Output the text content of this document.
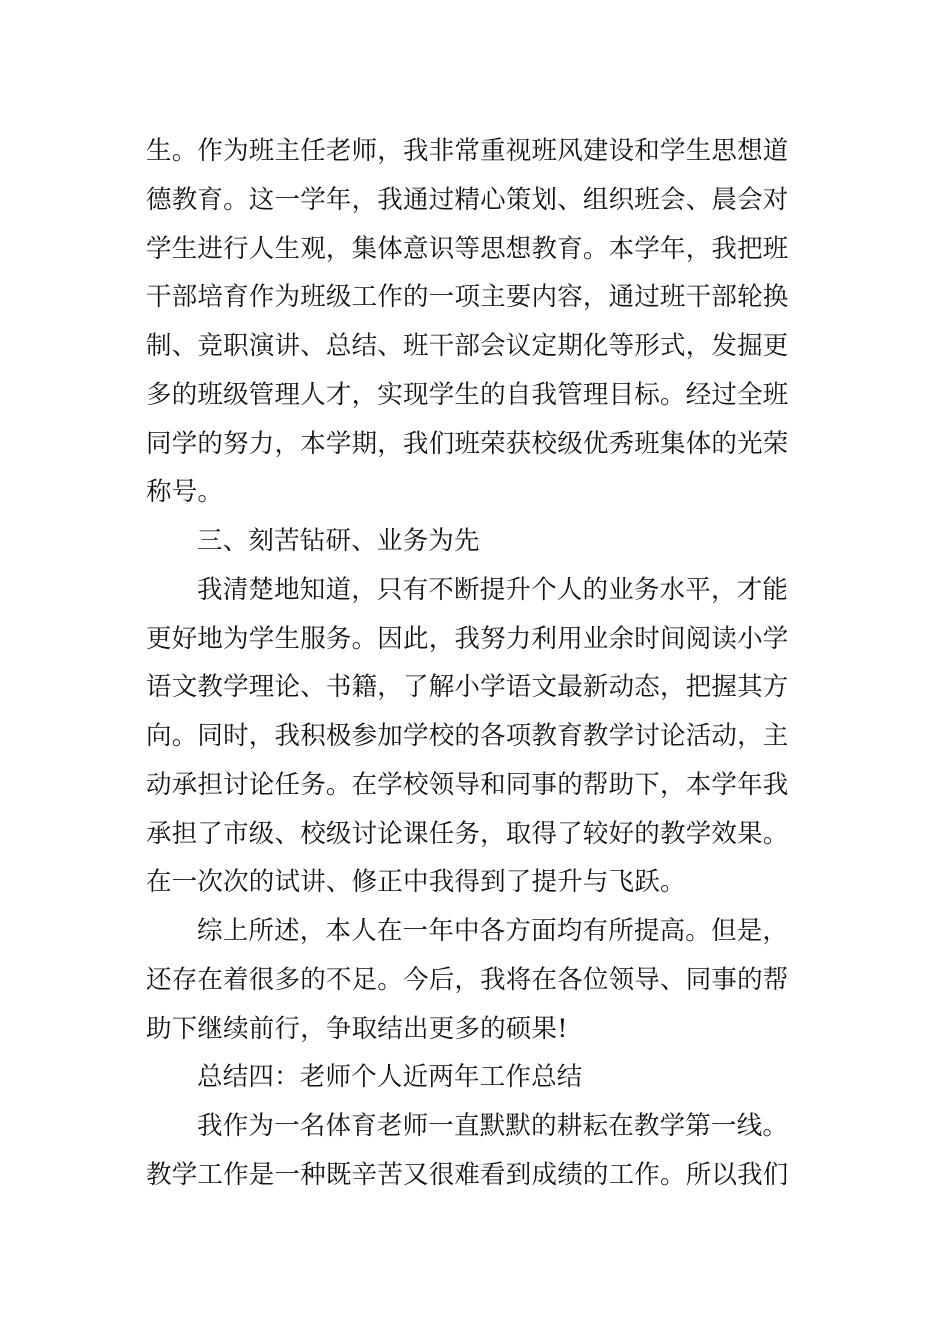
生。作为班主任老师，我非常重视班风建设和学生思想道
德教育。这一学年，我通过精心策划、组织班会、晨会对
学生进行人生观，集体意识等思想教育。本学年，我把班
干部培育作为班级工作的一项主要内容，通过班干部轮换
制、竞职演讲、总结、班干部会议定期化等形式，发掘更
多的班级管理人才，实现学生的自我管理目标。经过全班
同学的努力，本学期，我们班荣获校级优秀班集体的光荣
称号。
三、刻苦钻研、业务为先
我清楚地知道，只有不断提升个人的业务水平，才能
更好地为学生服务。因此，我努力利用业余时间阅读小学
语文教学理论、书籍，了解小学语文最新动态，把握其方
向。同时，我积极参加学校的各项教育教学讨论活动，主
动承担讨论任务。在学校领导和同事的帮助下，本学年我
承担了市级、校级讨论课任务，取得了较好的教学效果。
在一次次的试讲、修正中我得到了提升与飞跃。
综上所述，本人在一年中各方面均有所提高。但是，
还存在着很多的不足。今后，我将在各位领导、同事的帮
助下继续前行，争取结出更多的硕果!
总结四：老师个人近两年工作总结
我作为一名体育老师一直默默的耕耘在教学第一线。
教学工作是一种既辛苦又很难看到成绩的工作。所以我们
